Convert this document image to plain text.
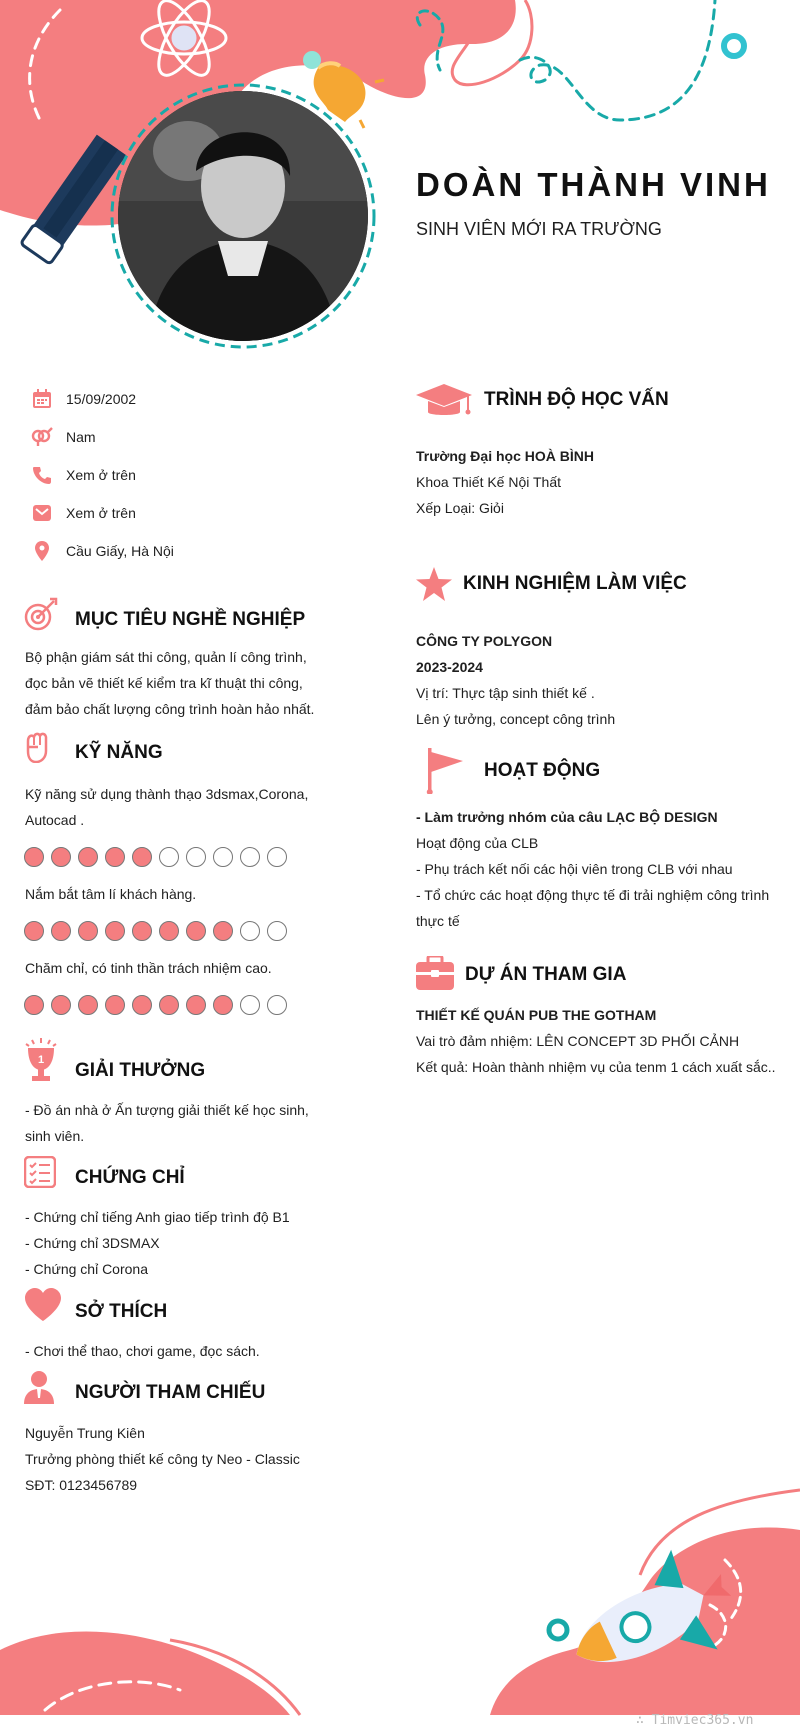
DOÀN THÀNH VINH
SINH VIÊN MỚI RA TRƯỜNG
15/09/2002
Nam
Xem ở trên
Xem ở trên
Cầu Giấy, Hà Nội
MỤC TIÊU NGHỀ NGHIỆP

Bộ phận giám sát thi công, quản lí công trình,

đọc bản vẽ thiết kế kiểm tra kĩ thuật thi công,

đảm bảo chất lượng công trình hoàn hảo nhất.

KỸ NĂNG

Kỹ năng sử dụng thành thạo 3dsmax,Corona,

Autocad .

Nắm bắt tâm lí khách hàng.

Chăm chỉ, có tinh thần trách nhiệm cao.

1 GIẢI THƯỞNG

- Đồ án nhà ở Ấn tượng giải thiết kế học sinh,

sinh viên.

CHỨNG CHỈ

- Chứng chỉ tiếng Anh giao tiếp trình độ B1

- Chứng chỉ 3DSMAX

- Chứng chỉ Corona

SỞ THÍCH

- Chơi thể thao, chơi game, đọc sách.

NGƯỜI THAM CHIẾU

Nguyễn Trung Kiên

Trưởng phòng thiết kế công ty Neo - Classic

SĐT: 0123456789

TRÌNH ĐỘ HỌC VẤN

Trường Đại học HOÀ BÌNH

Khoa Thiết Kế Nội Thất

Xếp Loại: Giỏi

KINH NGHIỆM LÀM VIỆC

CÔNG TY POLYGON

2023-2024

Vị trí: Thực tập sinh thiết kế .

Lên ý tưởng, concept công trình

HOẠT ĐỘNG

- Làm trưởng nhóm của câu LẠC BỘ DESIGN

Hoạt động của CLB

- Phụ trách kết nối các hội viên trong CLB với nhau

- Tổ chức các hoạt động thực tế đi trải nghiệm công trình

thực tế

DỰ ÁN THAM GIA

THIẾT KẾ QUÁN PUB THE GOTHAM

Vai trò đảm nhiệm: LÊN CONCEPT 3D PHỐI CẢNH

Kết quả: Hoàn thành nhiệm vụ của tenm 1 cách xuất sắc..

∴ Timviec365.vn
